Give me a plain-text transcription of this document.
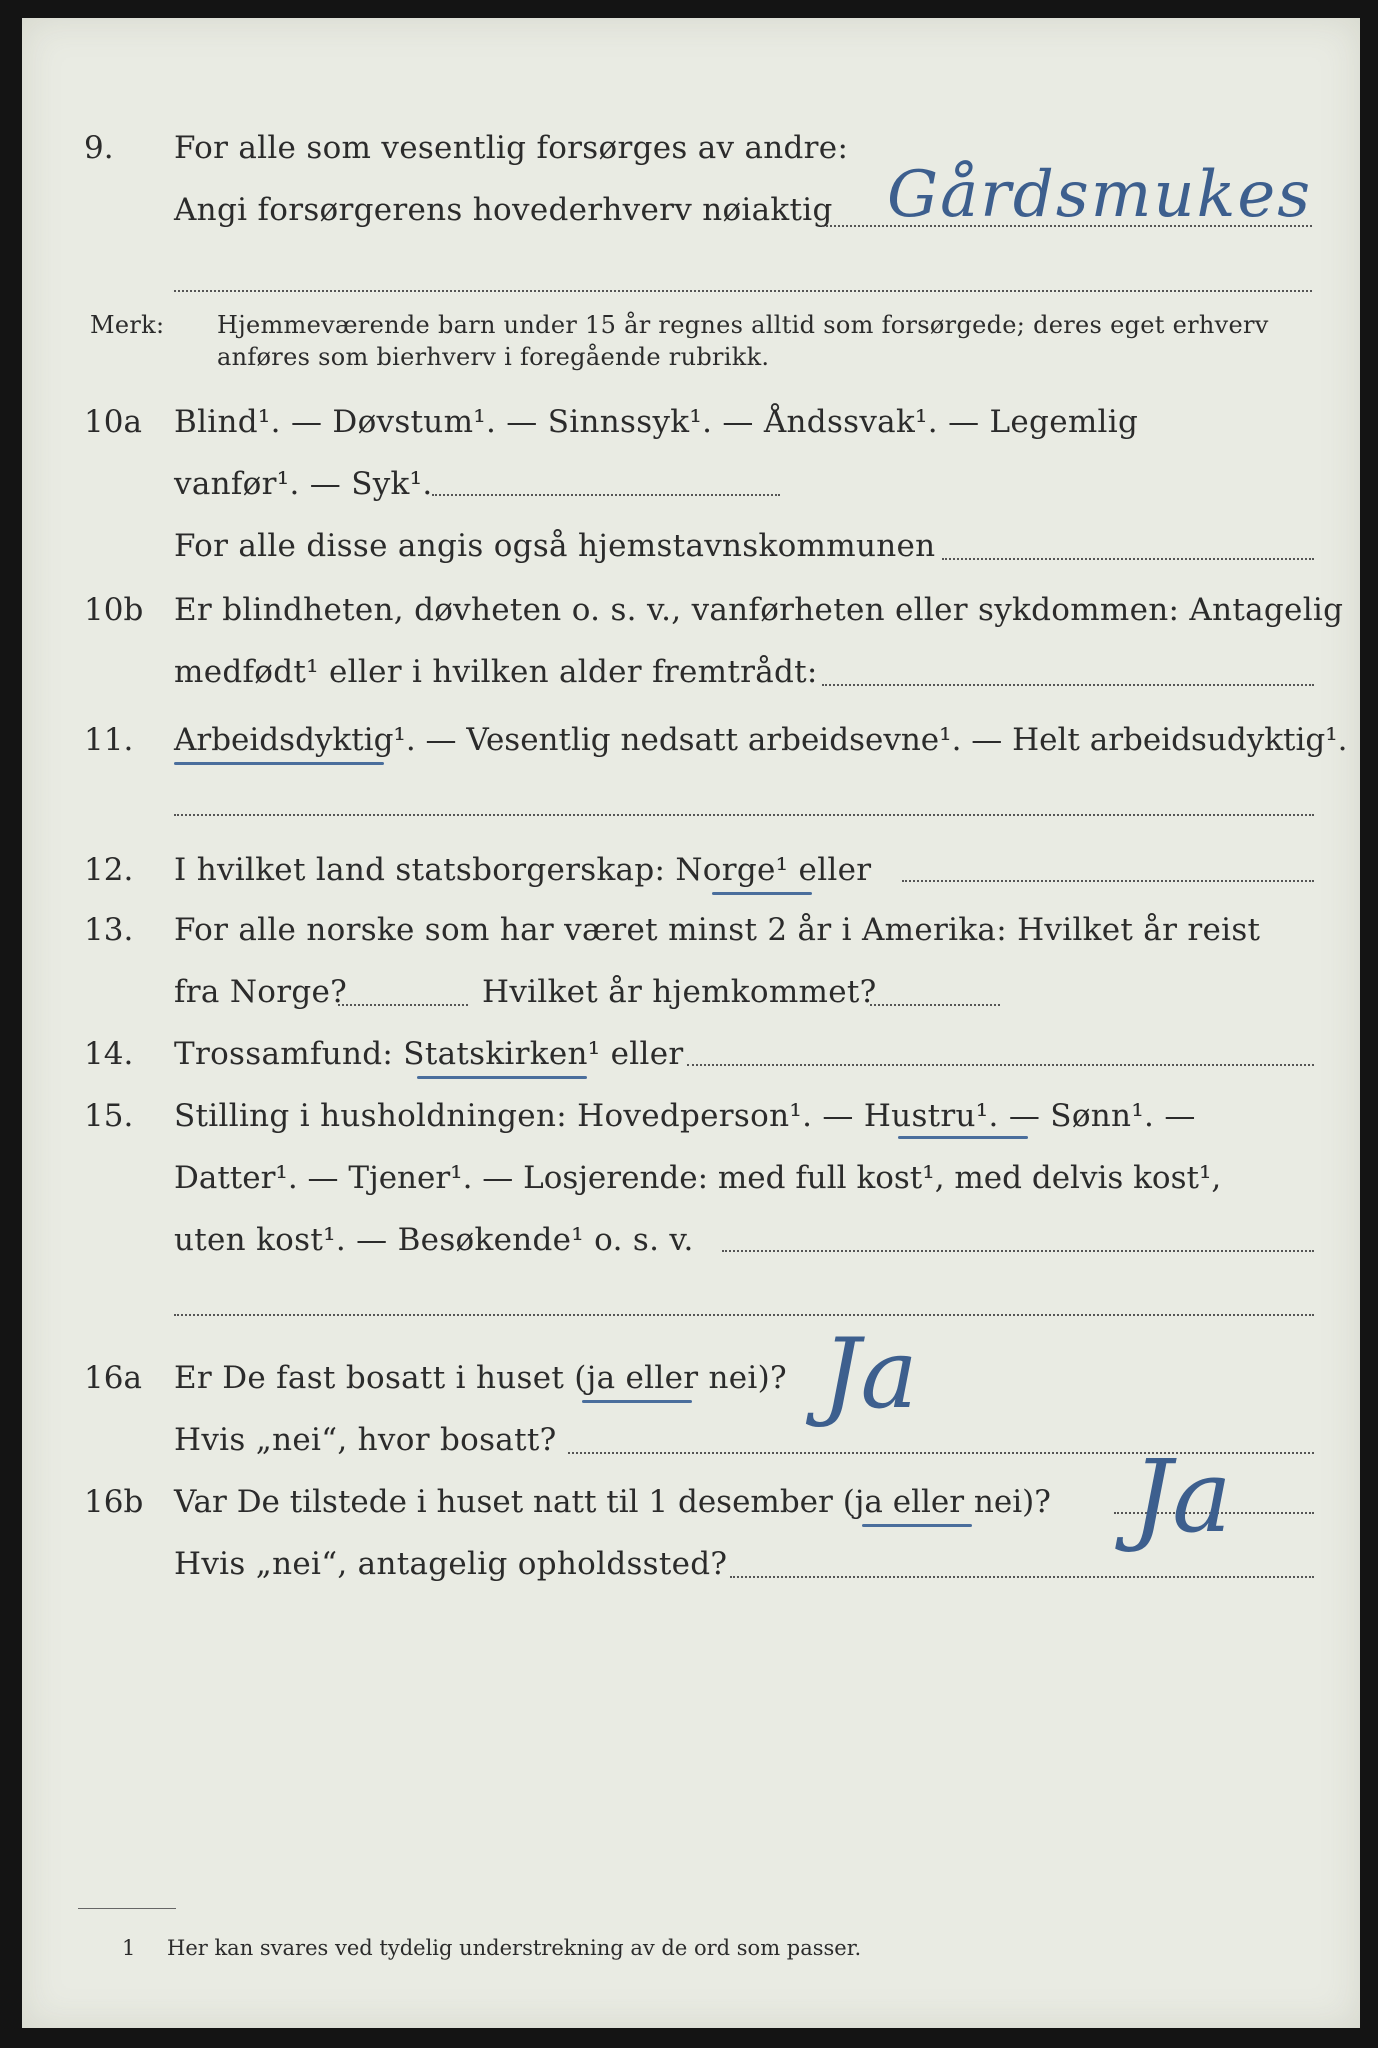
9. For alle som vesentlig forsørges av andre:
Angi forsørgerens hovederhverv nøiaktig Gårdsmukes
Merk: Hjemmeværende barn under 15 år regnes alltid som forsørgede; deres eget erhverv
anføres som bierhverv i foregående rubrikk.
10a Blind¹. — Døvstum¹. — Sinnssyk¹. — Åndssvak¹. — Legemlig
vanfør¹. — Syk¹.
For alle disse angis også hjemstavnskommunen
10b Er blindheten, døvheten o. s. v., vanførheten eller sykdommen: Antagelig
medfødt¹ eller i hvilken alder fremtrådt:
11. Arbeidsdyktig¹. — Vesentlig nedsatt arbeidsevne¹. — Helt arbeidsudyktig¹.
12. I hvilket land statsborgerskap: Norge¹ eller
13. For alle norske som har været minst 2 år i Amerika: Hvilket år reist
fra Norge?	Hvilket år hjemkommet?
14. Trossamfund: Statskirken¹ eller
15. Stilling i husholdningen: Hovedperson¹. — Hustru¹. — Sønn¹. —
Datter¹. — Tjener¹. — Losjerende: med full kost¹, med delvis kost¹,
uten kost¹. — Besøkende¹ o. s. v.
16a Er De fast bosatt i huset (ja eller nei)? Ja
Hvis „nei“, hvor bosatt?
16b Var De tilstede i huset natt til 1 desember (ja eller nei)? Ja
Hvis „nei“, antagelig opholdssted?
1 Her kan svares ved tydelig understrekning av de ord som passer.
